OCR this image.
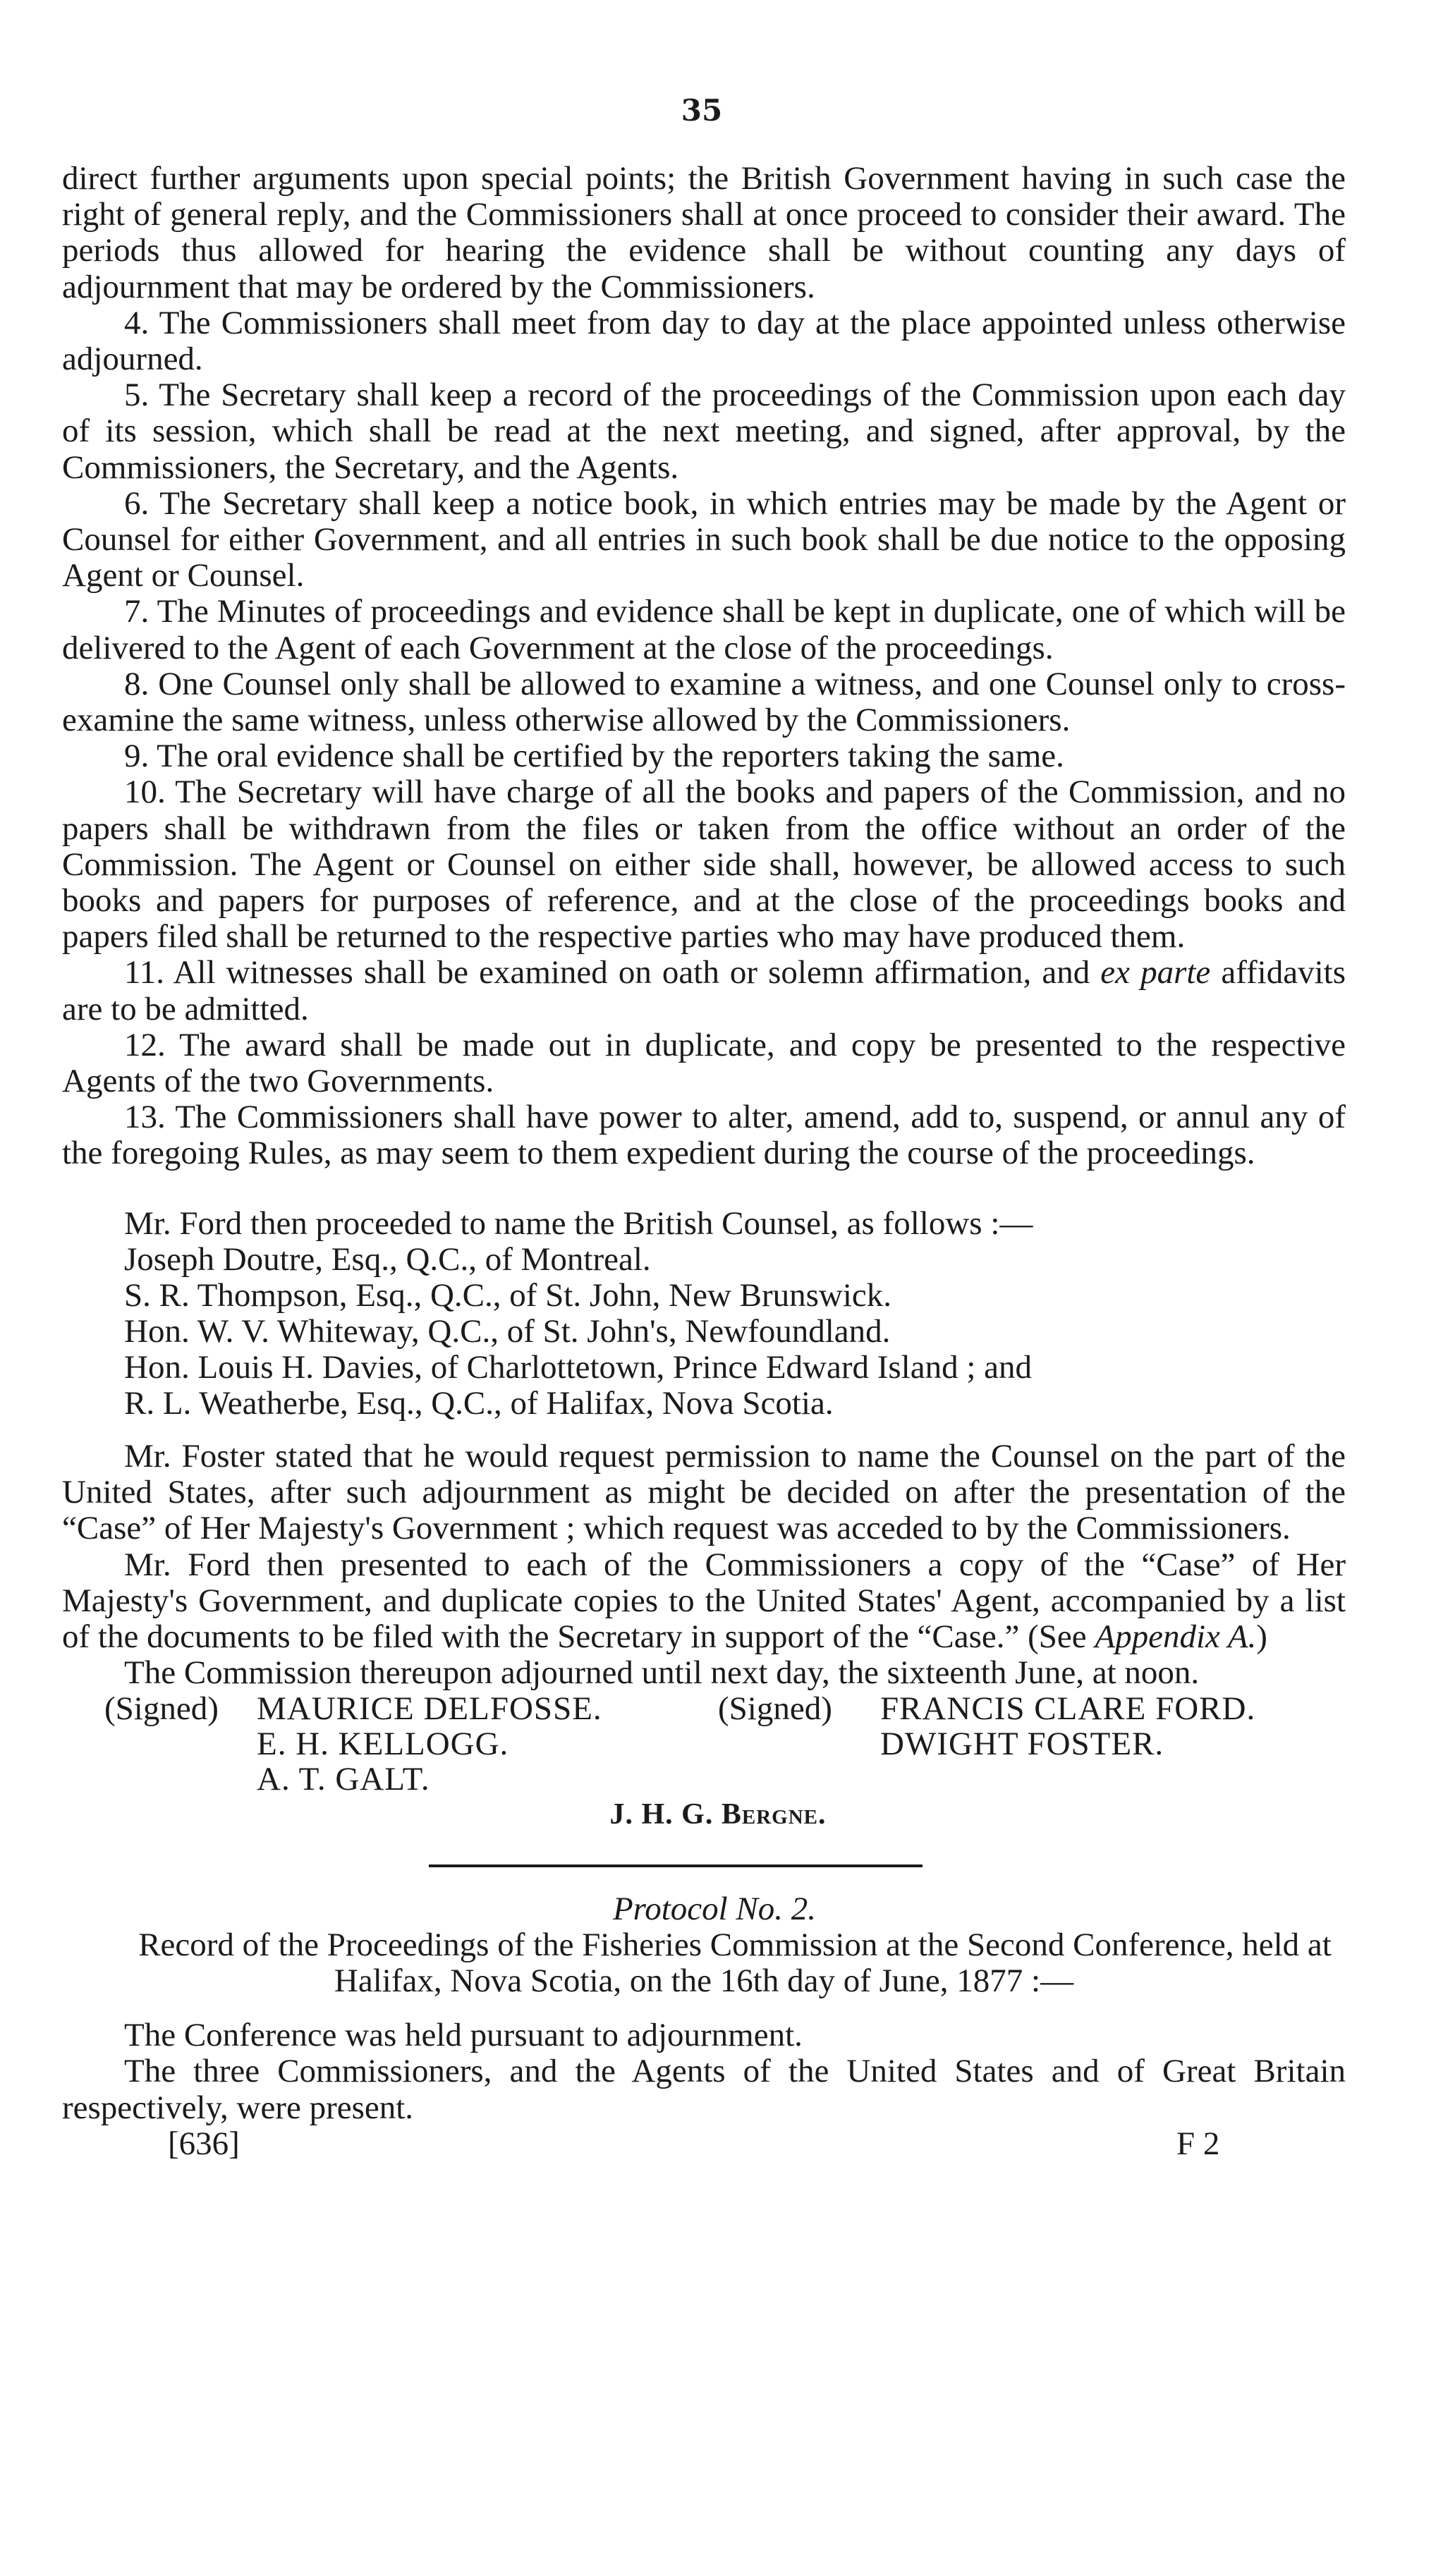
35

direct further arguments upon special points; the British Government having in such case the right of general reply, and the Commissioners shall at once proceed to consider their award. The periods thus allowed for hearing the evidence shall be without counting any days of adjournment that may be ordered by the Commissioners.

4. The Commissioners shall meet from day to day at the place appointed unless otherwise adjourned.

5. The Secretary shall keep a record of the proceedings of the Commission upon each day of its session, which shall be read at the next meeting, and signed, after approval, by the Commissioners, the Secretary, and the Agents.

6. The Secretary shall keep a notice book, in which entries may be made by the Agent or Counsel for either Government, and all entries in such book shall be due notice to the opposing Agent or Counsel.

7. The Minutes of proceedings and evidence shall be kept in duplicate, one of which will be delivered to the Agent of each Government at the close of the proceedings.

8. One Counsel only shall be allowed to examine a witness, and one Counsel only to cross-examine the same witness, unless otherwise allowed by the Commissioners.

9. The oral evidence shall be certified by the reporters taking the same.

10. The Secretary will have charge of all the books and papers of the Commission, and no papers shall be withdrawn from the files or taken from the office without an order of the Commission. The Agent or Counsel on either side shall, however, be allowed access to such books and papers for purposes of reference, and at the close of the proceedings books and papers filed shall be returned to the respective parties who may have produced them.

11. All witnesses shall be examined on oath or solemn affirmation, and ex parte affidavits are to be admitted.

12. The award shall be made out in duplicate, and copy be presented to the respective Agents of the two Governments.

13. The Commissioners shall have power to alter, amend, add to, suspend, or annul any of the foregoing Rules, as may seem to them expedient during the course of the proceedings.

Mr. Ford then proceeded to name the British Counsel, as follows :—

Joseph Doutre, Esq., Q.C., of Montreal.
S. R. Thompson, Esq., Q.C., of St. John, New Brunswick.
Hon. W. V. Whiteway, Q.C., of St. John's, Newfoundland.
Hon. Louis H. Davies, of Charlottetown, Prince Edward Island ; and
R. L. Weatherbe, Esq., Q.C., of Halifax, Nova Scotia.

Mr. Foster stated that he would request permission to name the Counsel on the part of the United States, after such adjournment as might be decided on after the presentation of the “Case” of Her Majesty's Government ; which request was acceded to by the Commissioners.

Mr. Ford then presented to each of the Commissioners a copy of the “Case” of Her Majesty's Government, and duplicate copies to the United States' Agent, accompanied by a list of the documents to be filed with the Secretary in support of the “Case.” (See Appendix A.)

The Commission thereupon adjourned until next day, the sixteenth June, at noon.

(Signed) MAURICE DELFOSSE.
E. H. KELLOGG.
A. T. GALT.
(Signed) FRANCIS CLARE FORD.
DWIGHT FOSTER.
J. H. G. Bergne.
Protocol No. 2.

Record of the Proceedings of the Fisheries Commission at the Second Conference, held at Halifax, Nova Scotia, on the 16th day of June, 1877 :—

The Conference was held pursuant to adjournment.

The three Commissioners, and the Agents of the United States and of Great Britain respectively, were present.

[636]	F 2
